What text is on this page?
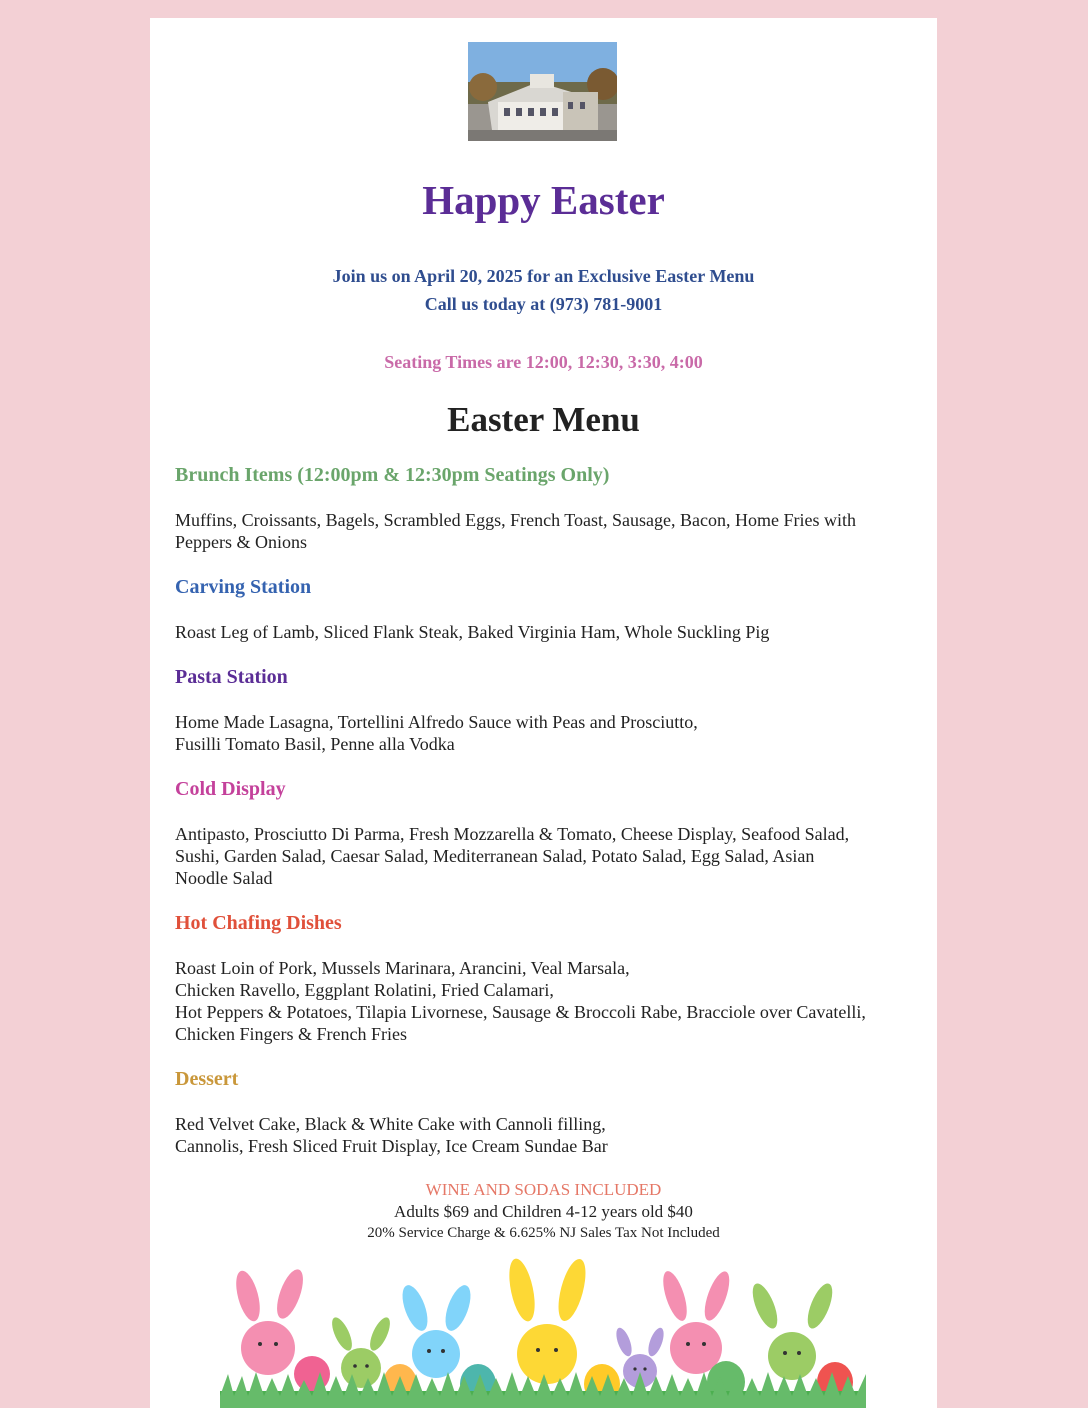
Happy Easter
Join us on April 20, 2025 for an Exclusive Easter Menu
Call us today at (973) 781-9001
Seating Times are 12:00, 12:30, 3:30, 4:00
Easter Menu

Brunch Items (12:00pm & 12:30pm Seatings Only)

Muffins, Croissants, Bagels, Scrambled Eggs, French Toast, Sausage, Bacon, Home Fries with
Peppers & Onions

Carving Station

Roast Leg of Lamb, Sliced Flank Steak, Baked Virginia Ham, Whole Suckling Pig

Pasta Station

Home Made Lasagna, Tortellini Alfredo Sauce with Peas and Prosciutto,
Fusilli Tomato Basil, Penne alla Vodka

Cold Display

Antipasto, Prosciutto Di Parma, Fresh Mozzarella & Tomato, Cheese Display, Seafood Salad,
Sushi, Garden Salad, Caesar Salad, Mediterranean Salad, Potato Salad, Egg Salad, Asian
Noodle Salad

Hot Chafing Dishes

Roast Loin of Pork, Mussels Marinara, Arancini, Veal Marsala,
Chicken Ravello, Eggplant Rolatini, Fried Calamari,
Hot Peppers & Potatoes, Tilapia Livornese, Sausage & Broccoli Rabe, Bracciole over Cavatelli,
Chicken Fingers & French Fries

Dessert

Red Velvet Cake, Black & White Cake with Cannoli filling,
Cannolis, Fresh Sliced Fruit Display, Ice Cream Sundae Bar

WINE AND SODAS INCLUDED
Adults $69 and Children 4-12 years old $40
20% Service Charge & 6.625% NJ Sales Tax Not Included
